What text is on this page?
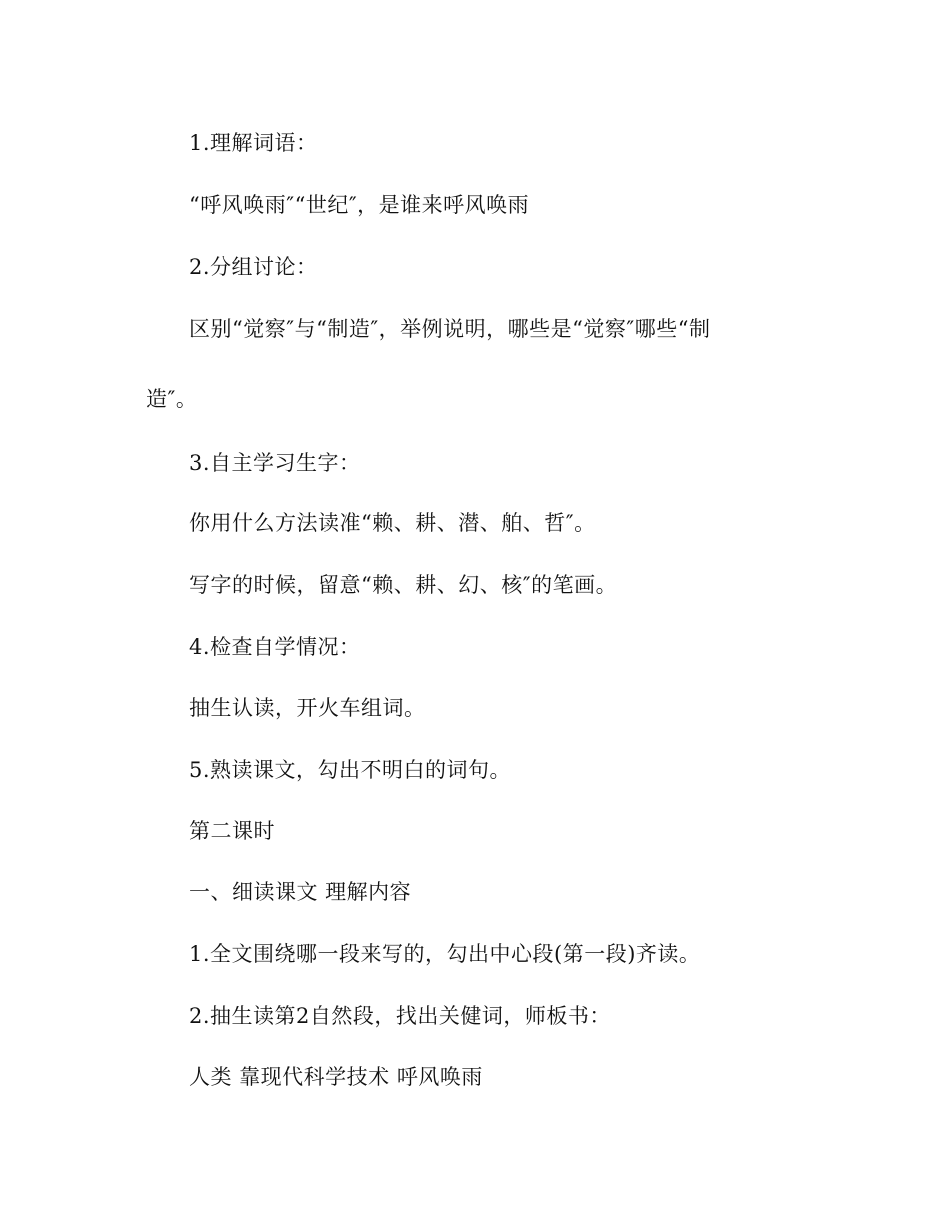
1.理解词语：
“呼风唤雨″“世纪″，是谁来呼风唤雨
2.分组讨论：
区别“觉察″与“制造″，举例说明，哪些是“觉察″哪些“制
造″。
3.自主学习生字：
你用什么方法读准“赖、耕、潜、舶、哲″。
写字的时候，留意“赖、耕、幻、核″的笔画。
4.检查自学情况：
抽生认读，开火车组词。
5.熟读课文，勾出不明白的词句。
第二课时
一、细读课文 理解内容
1.全文围绕哪一段来写的，勾出中心段(第一段)齐读。
2.抽生读第2自然段，找出关健词，师板书：
人类 靠现代科学技术 呼风唤雨
